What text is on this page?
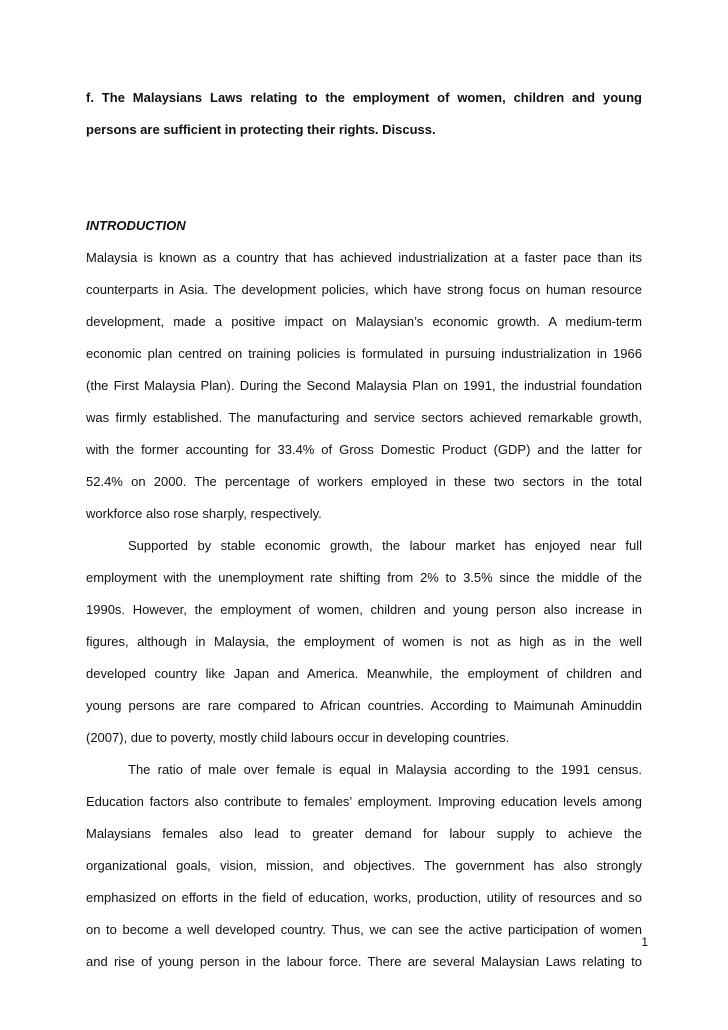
f. The Malaysians Laws relating to the employment of women, children and young
persons are sufficient in protecting their rights. Discuss.
INTRODUCTION
Malaysia is known as a country that has achieved industrialization at a faster pace than its
counterparts in Asia. The development policies, which have strong focus on human resource
development, made a positive impact on Malaysian’s economic growth. A medium-term
economic plan centred on training policies is formulated in pursuing industrialization in 1966
(the First Malaysia Plan). During the Second Malaysia Plan on 1991, the industrial foundation
was firmly established. The manufacturing and service sectors achieved remarkable growth,
with the former accounting for 33.4% of Gross Domestic Product (GDP) and the latter for
52.4% on 2000. The percentage of workers employed in these two sectors in the total
workforce also rose sharply, respectively.
Supported by stable economic growth, the labour market has enjoyed near full
employment with the unemployment rate shifting from 2% to 3.5% since the middle of the
1990s. However, the employment of women, children and young person also increase in
figures, although in Malaysia, the employment of women is not as high as in the well
developed country like Japan and America. Meanwhile, the employment of children and
young persons are rare compared to African countries. According to Maimunah Aminuddin
(2007), due to poverty, mostly child labours occur in developing countries.
The ratio of male over female is equal in Malaysia according to the 1991 census.
Education factors also contribute to females’ employment. Improving education levels among
Malaysians females also lead to greater demand for labour supply to achieve the
organizational goals, vision, mission, and objectives. The government has also strongly
emphasized on efforts in the field of education, works, production, utility of resources and so
on to become a well developed country. Thus, we can see the active participation of women
and rise of young person in the labour force. There are several Malaysian Laws relating to
1
